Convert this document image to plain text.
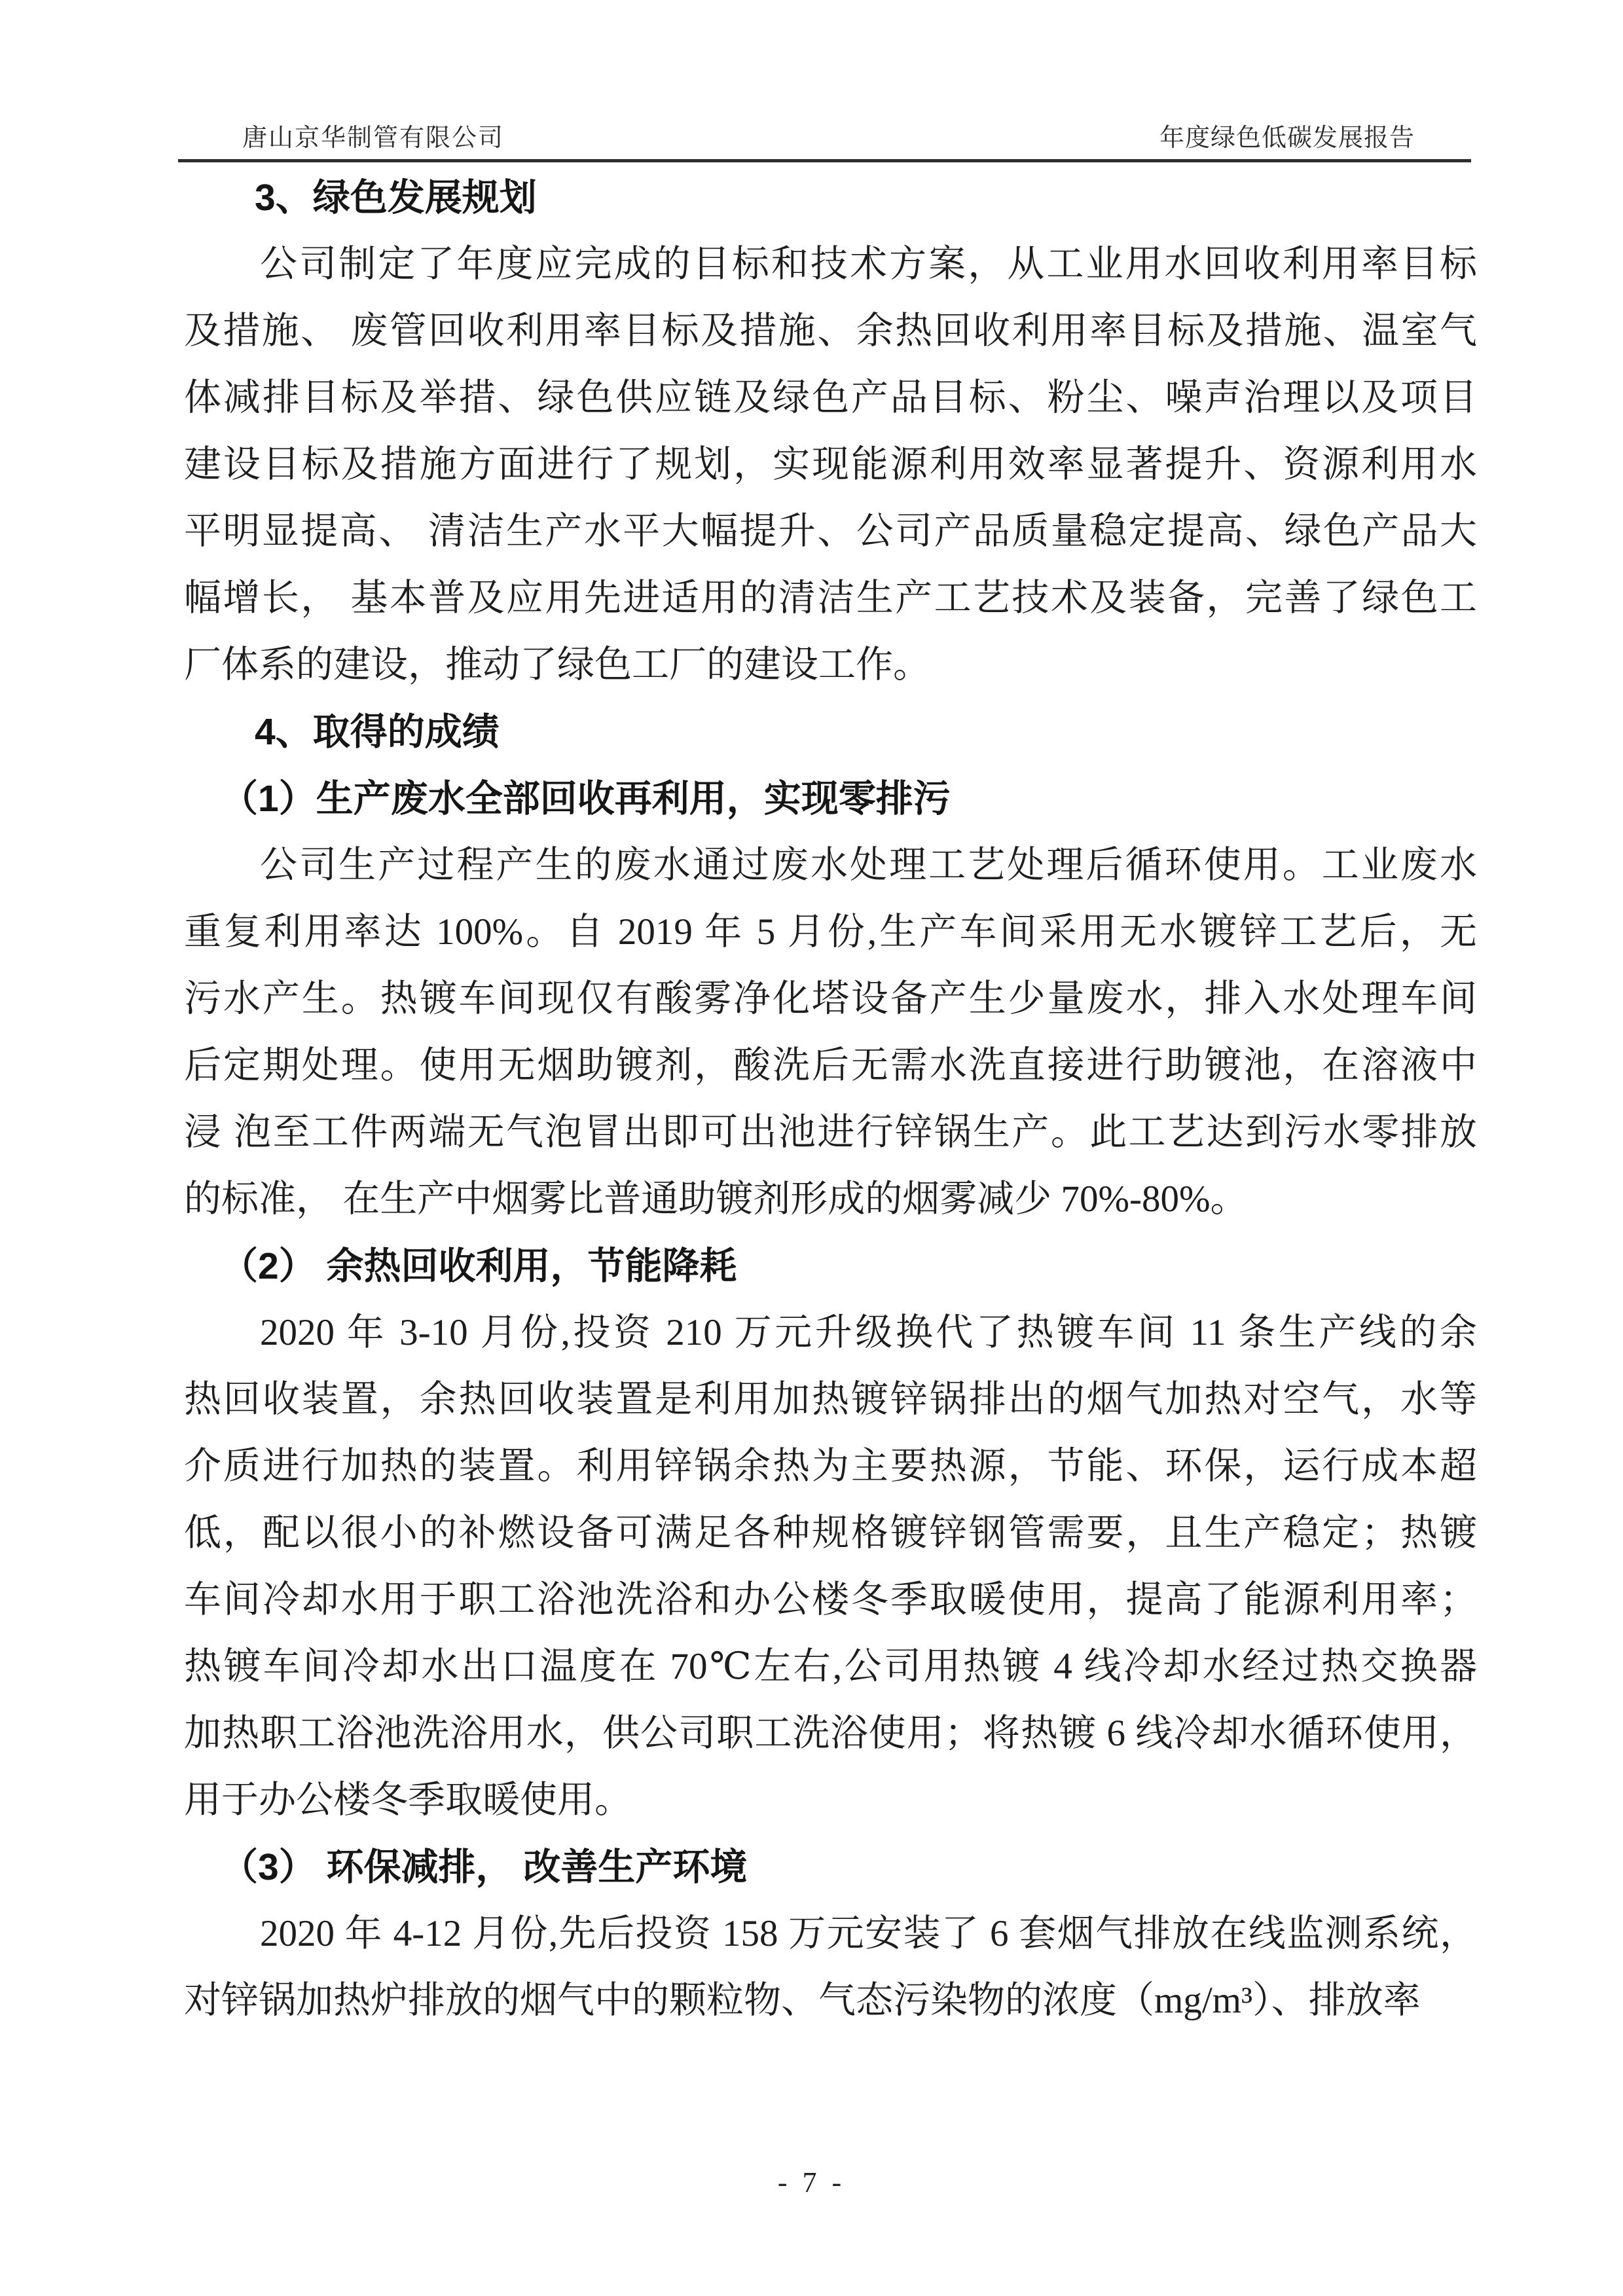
唐山京华制管有限公司	年度绿色低碳发展报告
3、绿色发展规划
公司制定了年度应完成的目标和技术方案，从工业用水回收利用率目标
及措施、 废管回收利用率目标及措施、余热回收利用率目标及措施、温室气
体减排目标及举措、绿色供应链及绿色产品目标、粉尘、噪声治理以及项目
建设目标及措施方面进行了规划，实现能源利用效率显著提升、资源利用水
平明显提高、 清洁生产水平大幅提升、公司产品质量稳定提高、绿色产品大
幅增长， 基本普及应用先进适用的清洁生产工艺技术及装备，完善了绿色工
厂体系的建设，推动了绿色工厂的建设工作。
4、取得的成绩
（1）生产废水全部回收再利用，实现零排污
公司生产过程产生的废水通过废水处理工艺处理后循环使用。工业废水
重复利用率达 100%。自 2019 年 5 月份,生产车间采用无水镀锌工艺后，无
污水产生。热镀车间现仅有酸雾净化塔设备产生少量废水，排入水处理车间
后定期处理。使用无烟助镀剂，酸洗后无需水洗直接进行助镀池，在溶液中
浸 泡至工件两端无气泡冒出即可出池进行锌锅生产。此工艺达到污水零排放
的标准， 在生产中烟雾比普通助镀剂形成的烟雾减少 70%-80%。
（2） 余热回收利用，节能降耗
2020 年 3-10 月份,投资 210 万元升级换代了热镀车间 11 条生产线的余
热回收装置，余热回收装置是利用加热镀锌锅排出的烟气加热对空气，水等
介质进行加热的装置。利用锌锅余热为主要热源，节能、环保，运行成本超
低，配以很小的补燃设备可满足各种规格镀锌钢管需要，且生产稳定；热镀
车间冷却水用于职工浴池洗浴和办公楼冬季取暖使用，提高了能源利用率；
热镀车间冷却水出口温度在 70℃左右,公司用热镀 4 线冷却水经过热交换器
加热职工浴池洗浴用水，供公司职工洗浴使用；将热镀 6 线冷却水循环使用，
用于办公楼冬季取暖使用。
（3） 环保减排， 改善生产环境
2020 年 4-12 月份,先后投资 158 万元安装了 6 套烟气排放在线监测系统，
对锌锅加热炉排放的烟气中的颗粒物、气态污染物的浓度（mg/m³）、排放率
- 7 -
